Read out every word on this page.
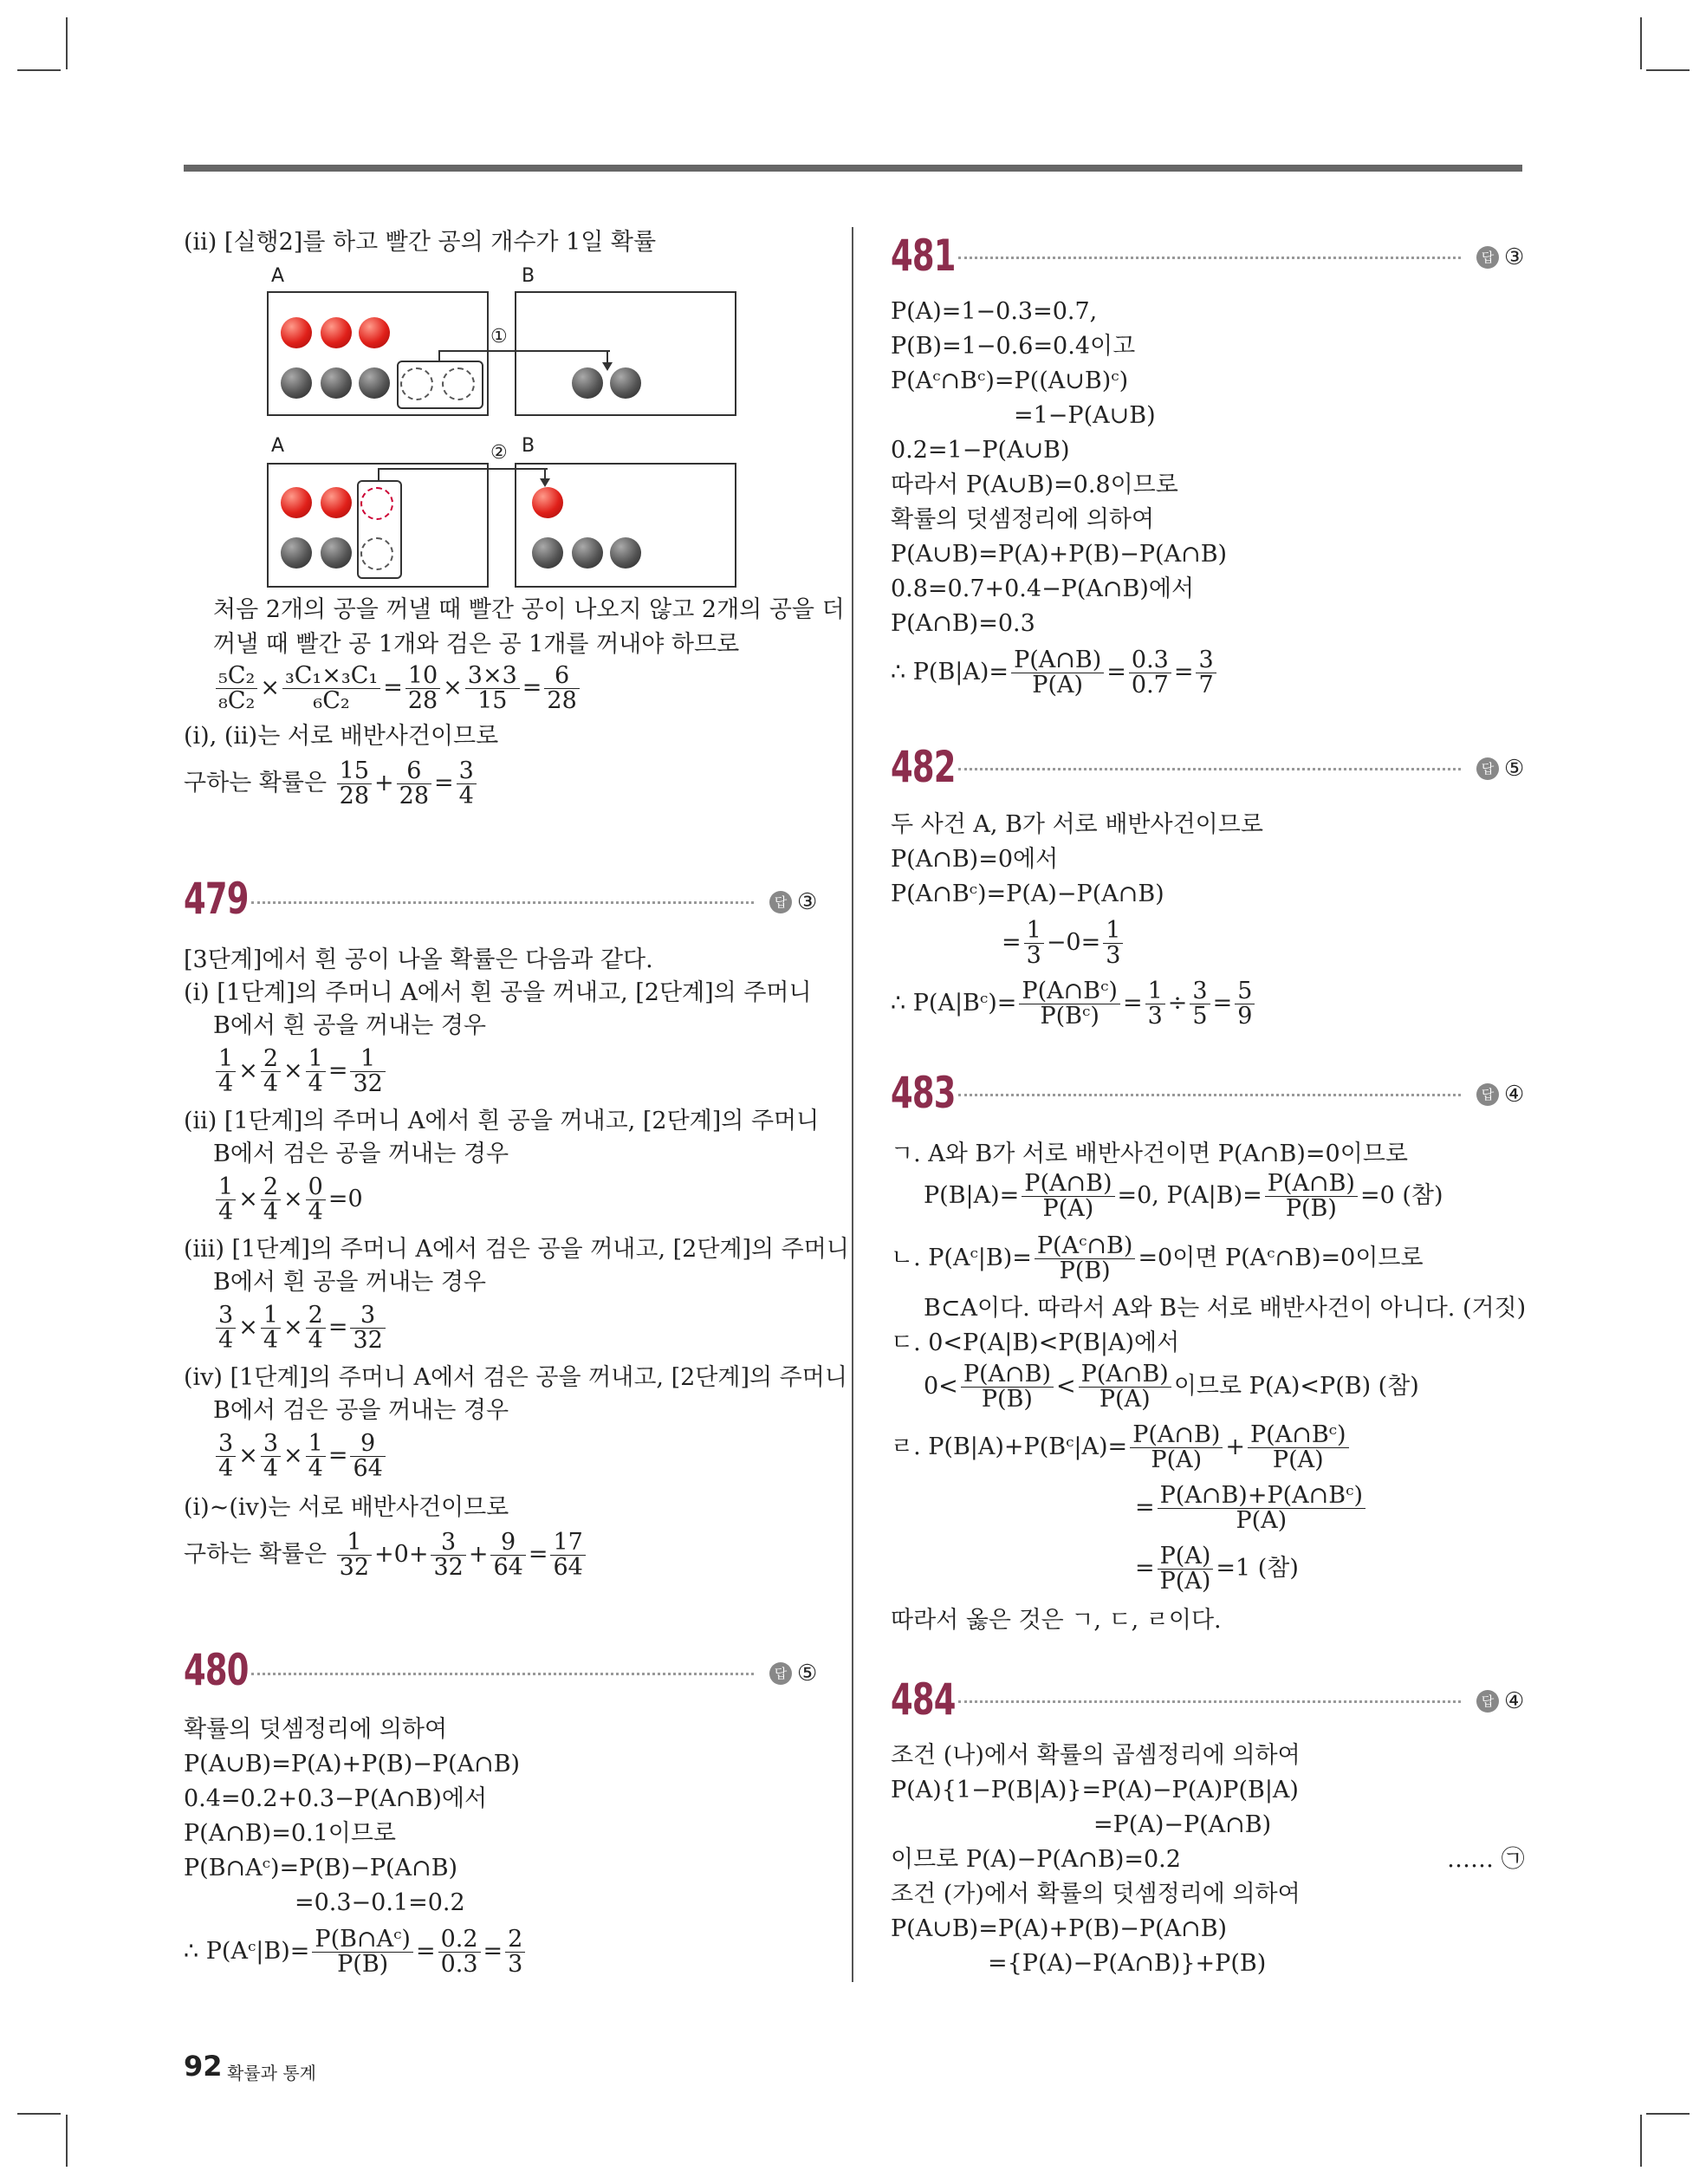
(ii) [실행2]를 하고 빨간 공의 개수가 1일 확률
A	B
①
A	B
②
처음 2개의 공을 꺼낼 때 빨간 공이 나오지 않고 2개의 공을 더
꺼낼 때 빨간 공 1개와 검은 공 1개를 꺼내야 하므로
$\frac{\text{₅C₂}}{\text{₈C₂}} \times \frac{\text{₃C₁×₃C₁}}{\text{₆C₂}} = \frac{10}{28} \times \frac{3\times 3}{15} = \frac{6}{28}$
(i), (ii)는 서로 배반사건이므로
구하는 확률은 $\frac{15}{28} + \frac{6}{28} = \frac{3}{4}$
479	답 ③
[3단계]에서 흰 공이 나올 확률은 다음과 같다.
(i) [1단계]의 주머니 A에서 흰 공을 꺼내고, [2단계]의 주머니
B에서 흰 공을 꺼내는 경우
$\frac{1}{4} \times \frac{2}{4} \times \frac{1}{4} = \frac{1}{32}$
(ii) [1단계]의 주머니 A에서 흰 공을 꺼내고, [2단계]의 주머니
B에서 검은 공을 꺼내는 경우
$\frac{1}{4} \times \frac{2}{4} \times \frac{0}{4} =0$
(iii) [1단계]의 주머니 A에서 검은 공을 꺼내고, [2단계]의 주머니
B에서 흰 공을 꺼내는 경우
$\frac{3}{4} \times \frac{1}{4} \times \frac{2}{4} = \frac{3}{32}$
(iv) [1단계]의 주머니 A에서 검은 공을 꺼내고, [2단계]의 주머니
B에서 검은 공을 꺼내는 경우
$\frac{3}{4} \times \frac{3}{4} \times \frac{1}{4} = \frac{9}{64}$
(i)~(iv)는 서로 배반사건이므로
구하는 확률은 $\frac{1}{32} +0+ \frac{3}{32} + \frac{9}{64} = \frac{17}{64}$
480	답 ⑤
확률의 덧셈정리에 의하여
P(A∪B)=P(A)+P(B)−P(A∩B)
0.4=0.2+0.3−P(A∩B)에서
P(A∩B)=0.1이므로
P(B∩Aᶜ)=P(B)−P(A∩B)
=0.3−0.1=0.2
∴ P(Aᶜ|B)= $\frac{\text{P(B∩Aᶜ)}}{P(B)} = \frac{0.2}{0.3} = \frac{2}{3}$
481	답 ③
P(A)=1−0.3=0.7,
P(B)=1−0.6=0.4이고
P(Aᶜ∩Bᶜ)=P((A∪B)ᶜ)
=1−P(A∪B)
0.2=1−P(A∪B)
따라서 P(A∪B)=0.8이므로
확률의 덧셈정리에 의하여
P(A∪B)=P(A)+P(B)−P(A∩B)
0.8=0.7+0.4−P(A∩B)에서
P(A∩B)=0.3
∴ $P(B|A)= \frac{P(A\cap B)}{P(A)} = \frac{0.3}{0.7} = \frac{3}{7}$
482	답 ⑤
두 사건 A, B가 서로 배반사건이므로
P(A∩B)=0에서
P(A∩Bᶜ)=P(A)−P(A∩B)
= $\frac{1}{3} -0= \frac{1}{3}$
∴ P(A|Bᶜ)= $\frac{\text{P(A∩Bᶜ)}}{\text{P(Bᶜ)}} = \frac{1}{3} \div \frac{3}{5} = \frac{5}{9}$
483	답 ④
ㄱ. A와 B가 서로 배반사건이면 P(A∩B)=0이므로
$P(B|A)= \frac{P(A\cap B)}{P(A)} =0$, $P(A|B)= \frac{P(A\cap B)}{P(B)} =0$ (참)
ㄴ. P(Aᶜ|B)= $\frac{\text{P(Aᶜ∩B)}}{P(B)} =0$이면 P(Aᶜ∩B)=0이므로
B⊂A이다. 따라서 A와 B는 서로 배반사건이 아니다. (거짓)
ㄷ. 0<P(A|B)<P(B|A)에서
$0< \frac{P(A\cap B)}{P(B)} < \frac{P(A\cap B)}{P(A)}$ 이므로 P(A)<P(B) (참)
ㄹ. P(B|A)+P(Bᶜ|A)= $\frac{P(A\cap B)}{P(A)} + \frac{\text{P(A∩Bᶜ)}}{P(A)}$
= $\frac{\text{P(A∩B)+P(A∩Bᶜ)}}{P(A)}$
= $\frac{P(A)}{P(A)} =1$ (참)
따라서 옳은 것은 ㄱ, ㄷ, ㄹ이다.
484	답 ④
조건 (나)에서 확률의 곱셈정리에 의하여
P(A){1−P(B|A)}=P(A)−P(A)P(B|A)
=P(A)−P(A∩B)
이므로 P(A)−P(A∩B)=0.2	…… ㉠
조건 (가)에서 확률의 덧셈정리에 의하여
P(A∪B)=P(A)+P(B)−P(A∩B)
={P(A)−P(A∩B)}+P(B)
92 확률과 통계
